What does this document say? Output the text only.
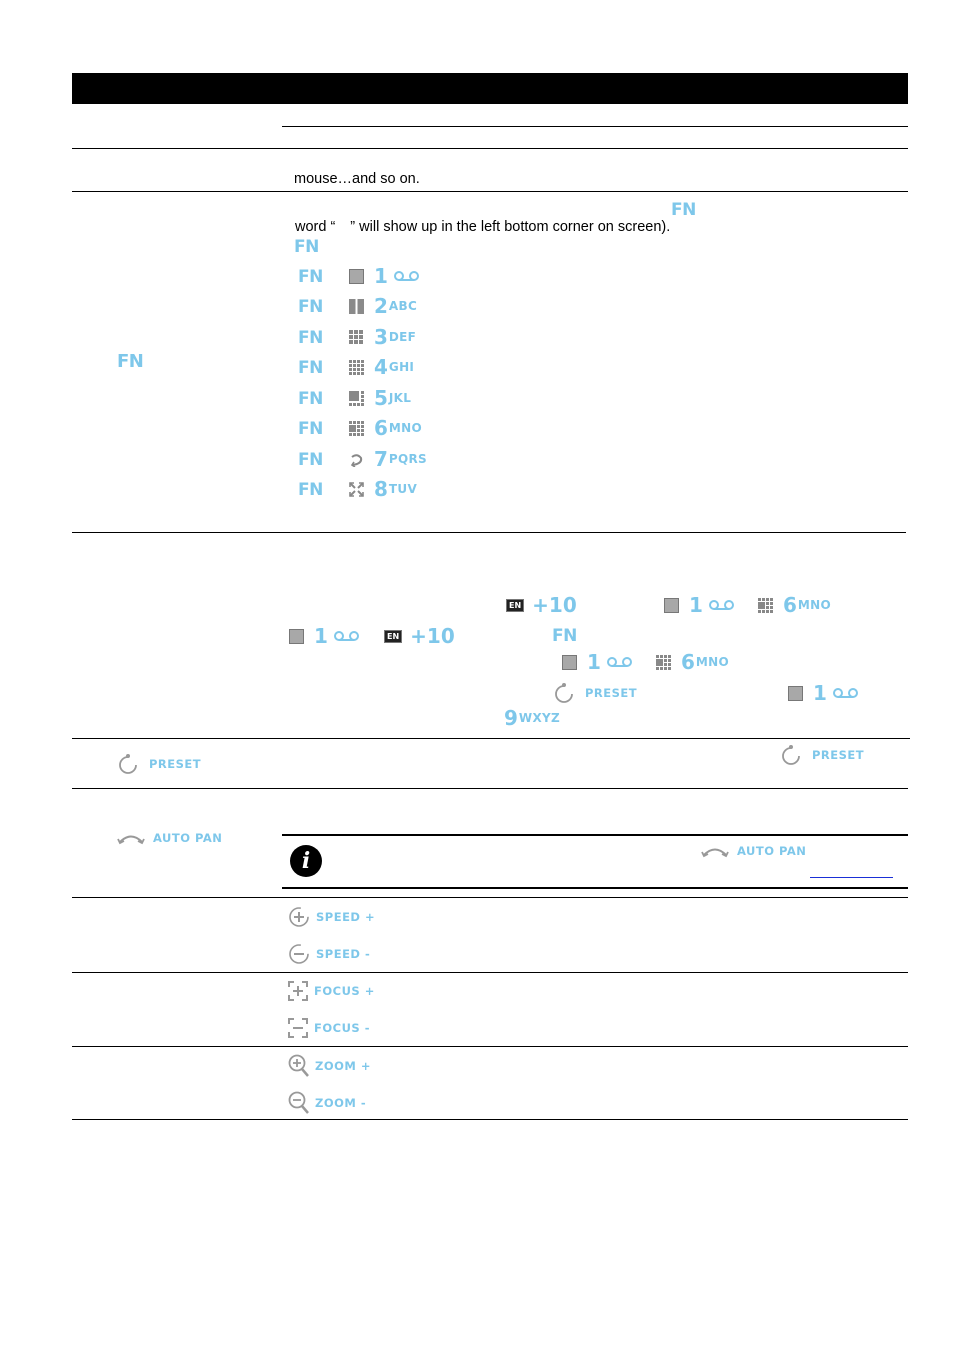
mouse…and so on.
FN
word “ ” will show up in the left bottom corner on screen).
FN
FN
FN	1
FN	2 ABC
FN	3 DEF
FN	4 GHI
FN	5 JKL
FN	6 MNO
FN	7 PQRS
FN	8 TUV
EN +10	1	6 MNO
1	EN +10	FN
1	6 MNO
PRESET	1
9 WXYZ
PRESET
PRESET
AUTO PAN
i	AUTO PAN
SPEED +
SPEED -
FOCUS +
FOCUS -
ZOOM +
ZOOM -
